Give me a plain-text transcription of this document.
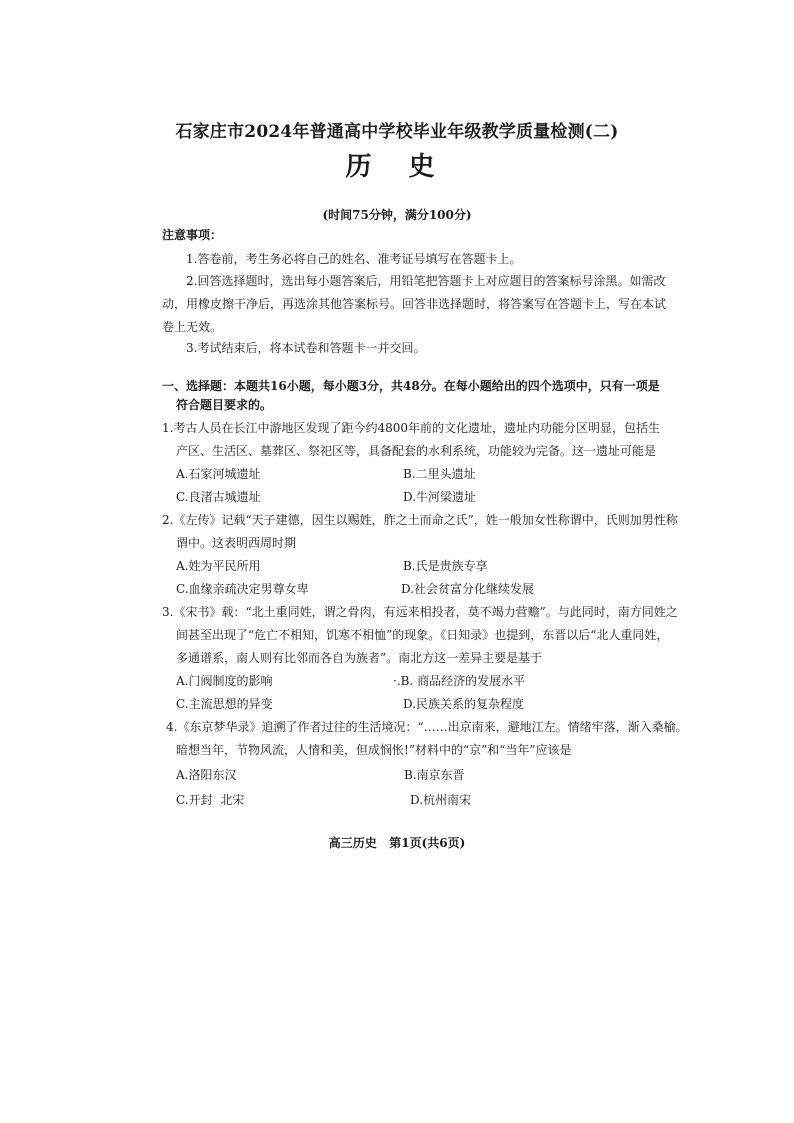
石家庄市2024年普通高中学校毕业年级教学质量检测(二)
历 史
(时间75分钟，满分100分)
注意事项：
1.答卷前，考生务必将自己的姓名、准考证号填写在答题卡上。
2.回答选择题时，选出每小题答案后，用铅笔把答题卡上对应题目的答案标号涂黑。如需改
动，用橡皮擦干净后，再选涂其他答案标号。回答非选择题时，将答案写在答题卡上，写在本试
卷上无效。
3.考试结束后，将本试卷和答题卡一并交回。
一、选择题：本题共16小题，每小题3分，共48分。在每小题给出的四个选项中，只有一项是
符合题目要求的。
1.考古人员在长江中游地区发现了距今约4800年前的文化遗址，遗址内功能分区明显，包括生
产区、生活区、墓葬区、祭祀区等，具备配套的水利系统，功能较为完备。这一遗址可能是
A.石家河城遗址	B.二里头遗址
C.良渚古城遗址	D.牛河梁遗址
2.《左传》记载“天子建德，因生以赐姓，胙之土而命之氏”，姓一般加女性称谓中，氏则加男性称
谓中。这表明西周时期
A.姓为平民所用	B.氏是贵族专享
C.血缘亲疏决定男尊女卑	D.社会贫富分化继续发展
3.《宋书》载：“北土重同姓，谓之骨肉，有远来相投者，莫不竭力营赡”。与此同时，南方同姓之
间甚至出现了“危亡不相知，饥寒不相恤”的现象。《日知录》也提到，东晋以后“北人重同姓，
多通谱系，南人则有比邻而各自为族者”。南北方这一差异主要是基于
A.门阀制度的影响	·.B. 商品经济的发展水平
C.主流思想的异变	D.民族关系的复杂程度
4.《东京梦华录》追溯了作者过往的生活境况：“……出京南来，避地江左。情绪牢落，渐入桑榆。
暗想当年，节物风流，人情和美，但成悯怅!”材料中的“京”和“当年”应该是
A.洛阳东汉	B.南京东晋
C.开封  北宋	D.杭州南宋
高三历史   第1页(共6页)
